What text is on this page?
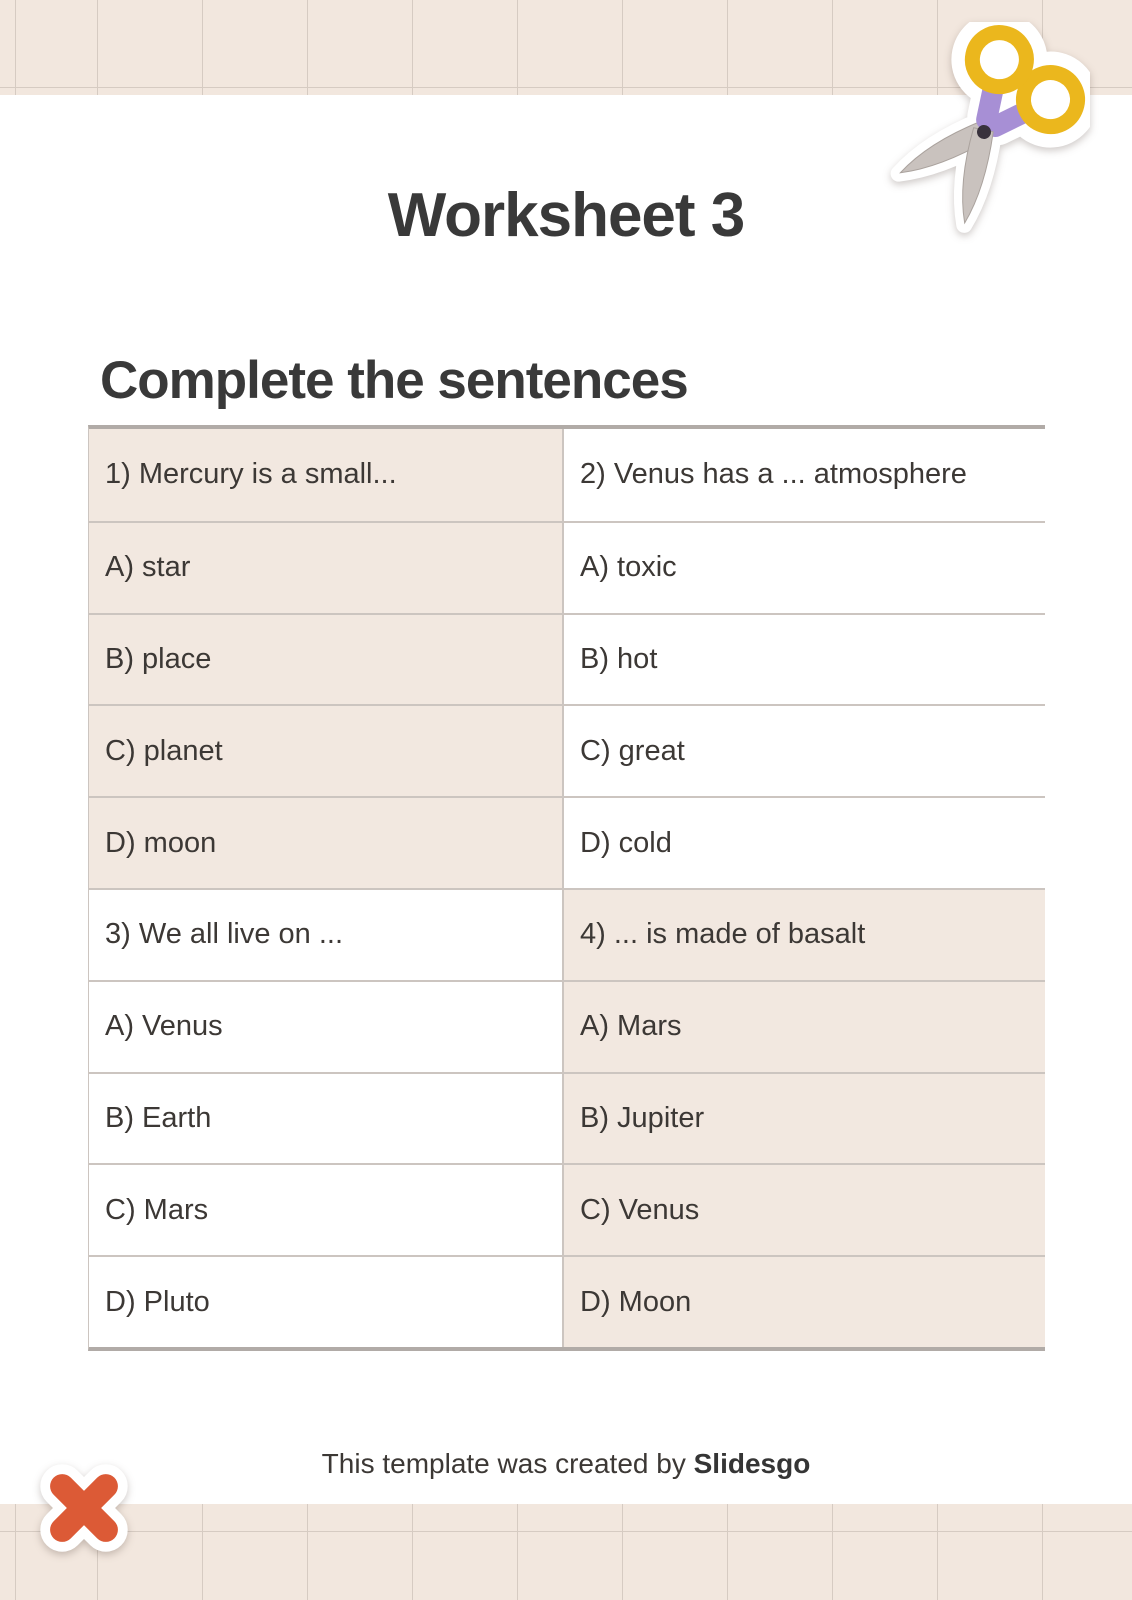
Worksheet 3
Complete the sentences
1) Mercury is a small...	2) Venus has a ... atmosphere
A) star	A) toxic
B) place	B) hot
C) planet	C) great
D) moon	D) cold
3) We all live on ...	4) ... is made of basalt
A) Venus	A) Mars
B) Earth	B) Jupiter
C) Mars	C) Venus
D) Pluto	D) Moon
This template was created by Slidesgo
